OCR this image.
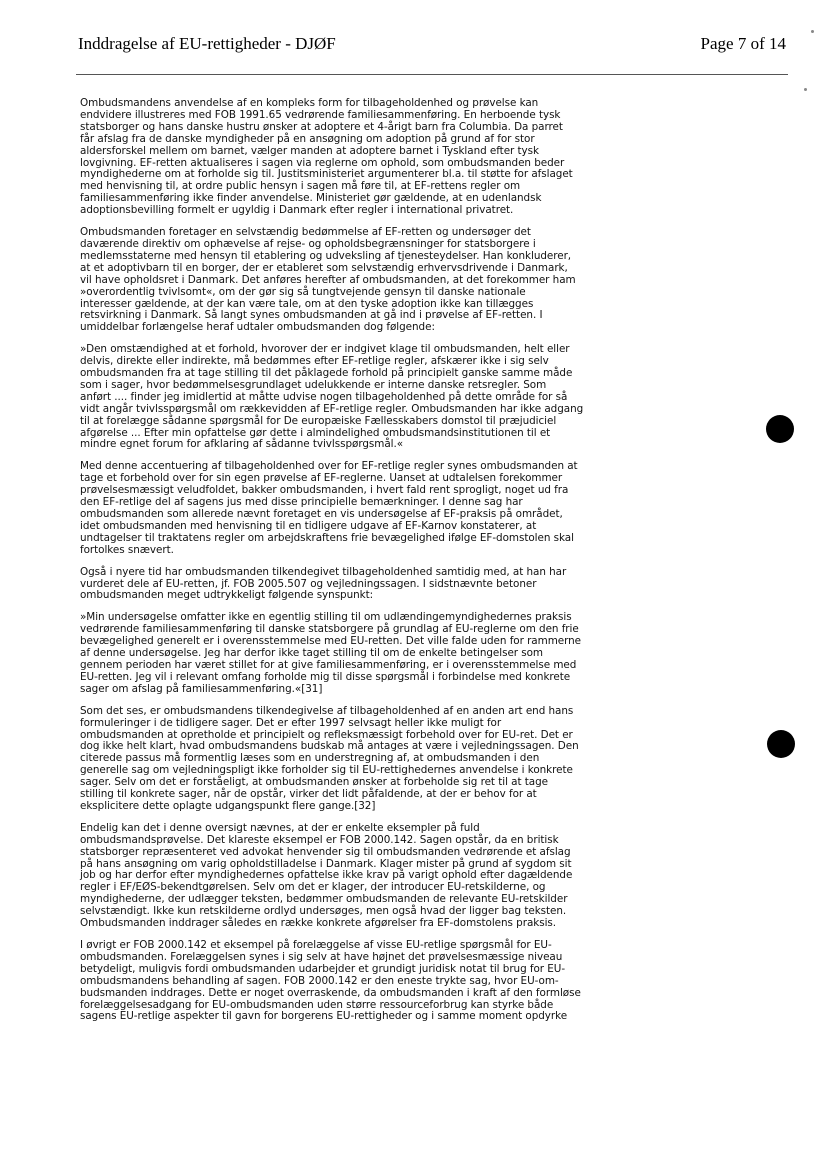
Inddragelse af EU-rettigheder - DJØF	Page 7 of 14

Ombudsmandens anvendelse af en kompleks form for tilbageholdenhed og prøvelse kan
endvidere illustreres med FOB 1991.65 vedrørende familiesammenføring. En herboende tysk
statsborger og hans danske hustru ønsker at adoptere et 4-årigt barn fra Columbia. Da parret
får afslag fra de danske myndigheder på en ansøgning om adoption på grund af for stor
aldersforskel mellem om barnet, vælger manden at adoptere barnet i Tyskland efter tysk
lovgivning. EF-retten aktualiseres i sagen via reglerne om ophold, som ombudsmanden beder
myndighederne om at forholde sig til. Justitsministeriet argumenterer bl.a. til støtte for afslaget
med henvisning til, at ordre public hensyn i sagen må føre til, at EF-rettens regler om
familiesammenføring ikke finder anvendelse. Ministeriet gør gældende, at en udenlandsk
adoptionsbevilling formelt er ugyldig i Danmark efter regler i international privatret.

Ombudsmanden foretager en selvstændig bedømmelse af EF-retten og undersøger det
daværende direktiv om ophævelse af rejse- og opholdsbegrænsninger for statsborgere i
medlemsstaterne med hensyn til etablering og udveksling af tjenesteydelser. Han konkluderer,
at et adoptivbarn til en borger, der er etableret som selvstændig erhvervsdrivende i Danmark,
vil have opholdsret i Danmark. Det anføres herefter af ombudsmanden, at det forekommer ham
»overordentlig tvivlsomt«, om der gør sig så tungtvejende gensyn til danske nationale
interesser gældende, at der kan være tale, om at den tyske adoption ikke kan tillægges
retsvirkning i Danmark. Så langt synes ombudsmanden at gå ind i prøvelse af EF-retten. I
umiddelbar forlængelse heraf udtaler ombudsmanden dog følgende:

»Den omstændighed at et forhold, hvorover der er indgivet klage til ombudsmanden, helt eller
delvis, direkte eller indirekte, må bedømmes efter EF-retlige regler, afskærer ikke i sig selv
ombudsmanden fra at tage stilling til det påklagede forhold på principielt ganske samme måde
som i sager, hvor bedømmelsesgrundlaget udelukkende er interne danske retsregler. Som
anført .... finder jeg imidlertid at måtte udvise nogen tilbageholdenhed på dette område for så
vidt angår tvivlsspørgsmål om rækkevidden af EF-retlige regler. Ombudsmanden har ikke adgang
til at forelægge sådanne spørgsmål for De europæiske Fællesskabers domstol til præjudiciel
afgørelse ... Efter min opfattelse gør dette i almindelighed ombudsmandsinstitutionen til et
mindre egnet forum for afklaring af sådanne tvivlsspørgsmål.«

Med denne accentuering af tilbageholdenhed over for EF-retlige regler synes ombudsmanden at
tage et forbehold over for sin egen prøvelse af EF-reglerne. Uanset at udtalelsen forekommer
prøvelsesmæssigt veludfoldet, bakker ombudsmanden, i hvert fald rent sprogligt, noget ud fra
den EF-retlige del af sagens jus med disse principielle bemærkninger. I denne sag har
ombudsmanden som allerede nævnt foretaget en vis undersøgelse af EF-praksis på området,
idet ombudsmanden med henvisning til en tidligere udgave af EF-Karnov konstaterer, at
undtagelser til traktatens regler om arbejdskraftens frie bevægelighed ifølge EF-domstolen skal
fortolkes snævert.

Også i nyere tid har ombudsmanden tilkendegivet tilbageholdenhed samtidig med, at han har
vurderet dele af EU-retten, jf. FOB 2005.507 og vejledningssagen. I sidstnævnte betoner
ombudsmanden meget udtrykkeligt følgende synspunkt:

»Min undersøgelse omfatter ikke en egentlig stilling til om udlændingemyndighedernes praksis
vedrørende familiesammenføring til danske statsborgere på grundlag af EU-reglerne om den frie
bevægelighed generelt er i overensstemmelse med EU-retten. Det ville falde uden for rammerne
af denne undersøgelse. Jeg har derfor ikke taget stilling til om de enkelte betingelser som
gennem perioden har været stillet for at give familiesammenføring, er i overensstemmelse med
EU-retten. Jeg vil i relevant omfang forholde mig til disse spørgsmål i forbindelse med konkrete
sager om afslag på familiesammenføring.«[31]

Som det ses, er ombudsmandens tilkendegivelse af tilbageholdenhed af en anden art end hans
formuleringer i de tidligere sager. Det er efter 1997 selvsagt heller ikke muligt for
ombudsmanden at opretholde et principielt og refleksmæssigt forbehold over for EU-ret. Det er
dog ikke helt klart, hvad ombudsmandens budskab må antages at være i vejledningssagen. Den
citerede passus må formentlig læses som en understregning af, at ombudsmanden i den
generelle sag om vejledningspligt ikke forholder sig til EU-rettighedernes anvendelse i konkrete
sager. Selv om det er forståeligt, at ombudsmanden ønsker at forbeholde sig ret til at tage
stilling til konkrete sager, når de opstår, virker det lidt påfaldende, at der er behov for at
eksplicitere dette oplagte udgangspunkt flere gange.[32]

Endelig kan det i denne oversigt nævnes, at der er enkelte eksempler på fuld
ombudsmandsprøvelse. Det klareste eksempel er FOB 2000.142. Sagen opstår, da en britisk
statsborger repræsenteret ved advokat henvender sig til ombudsmanden vedrørende et afslag
på hans ansøgning om varig opholdstilladelse i Danmark. Klager mister på grund af sygdom sit
job og har derfor efter myndighedernes opfattelse ikke krav på varigt ophold efter dagældende
regler i EF/EØS-bekendtgørelsen. Selv om det er klager, der introducer EU-retskilderne, og
myndighederne, der udlægger teksten, bedømmer ombudsmanden de relevante EU-retskilder
selvstændigt. Ikke kun retskilderne ordlyd undersøges, men også hvad der ligger bag teksten.
Ombudsmanden inddrager således en række konkrete afgørelser fra EF-domstolens praksis.

I øvrigt er FOB 2000.142 et eksempel på forelæggelse af visse EU-retlige spørgsmål for EU-
ombudsmanden. Forelæggelsen synes i sig selv at have højnet det prøvelsesmæssige niveau
betydeligt, muligvis fordi ombudsmanden udarbejder et grundigt juridisk notat til brug for EU-
ombudsmandens behandling af sagen. FOB 2000.142 er den eneste trykte sag, hvor EU-om-
budsmanden inddrages. Dette er noget overraskende, da ombudsmanden i kraft af den formløse
forelæggelsesadgang for EU-ombudsmanden uden større ressourceforbrug kan styrke både
sagens EU-retlige aspekter til gavn for borgerens EU-rettigheder og i samme moment opdyrke
